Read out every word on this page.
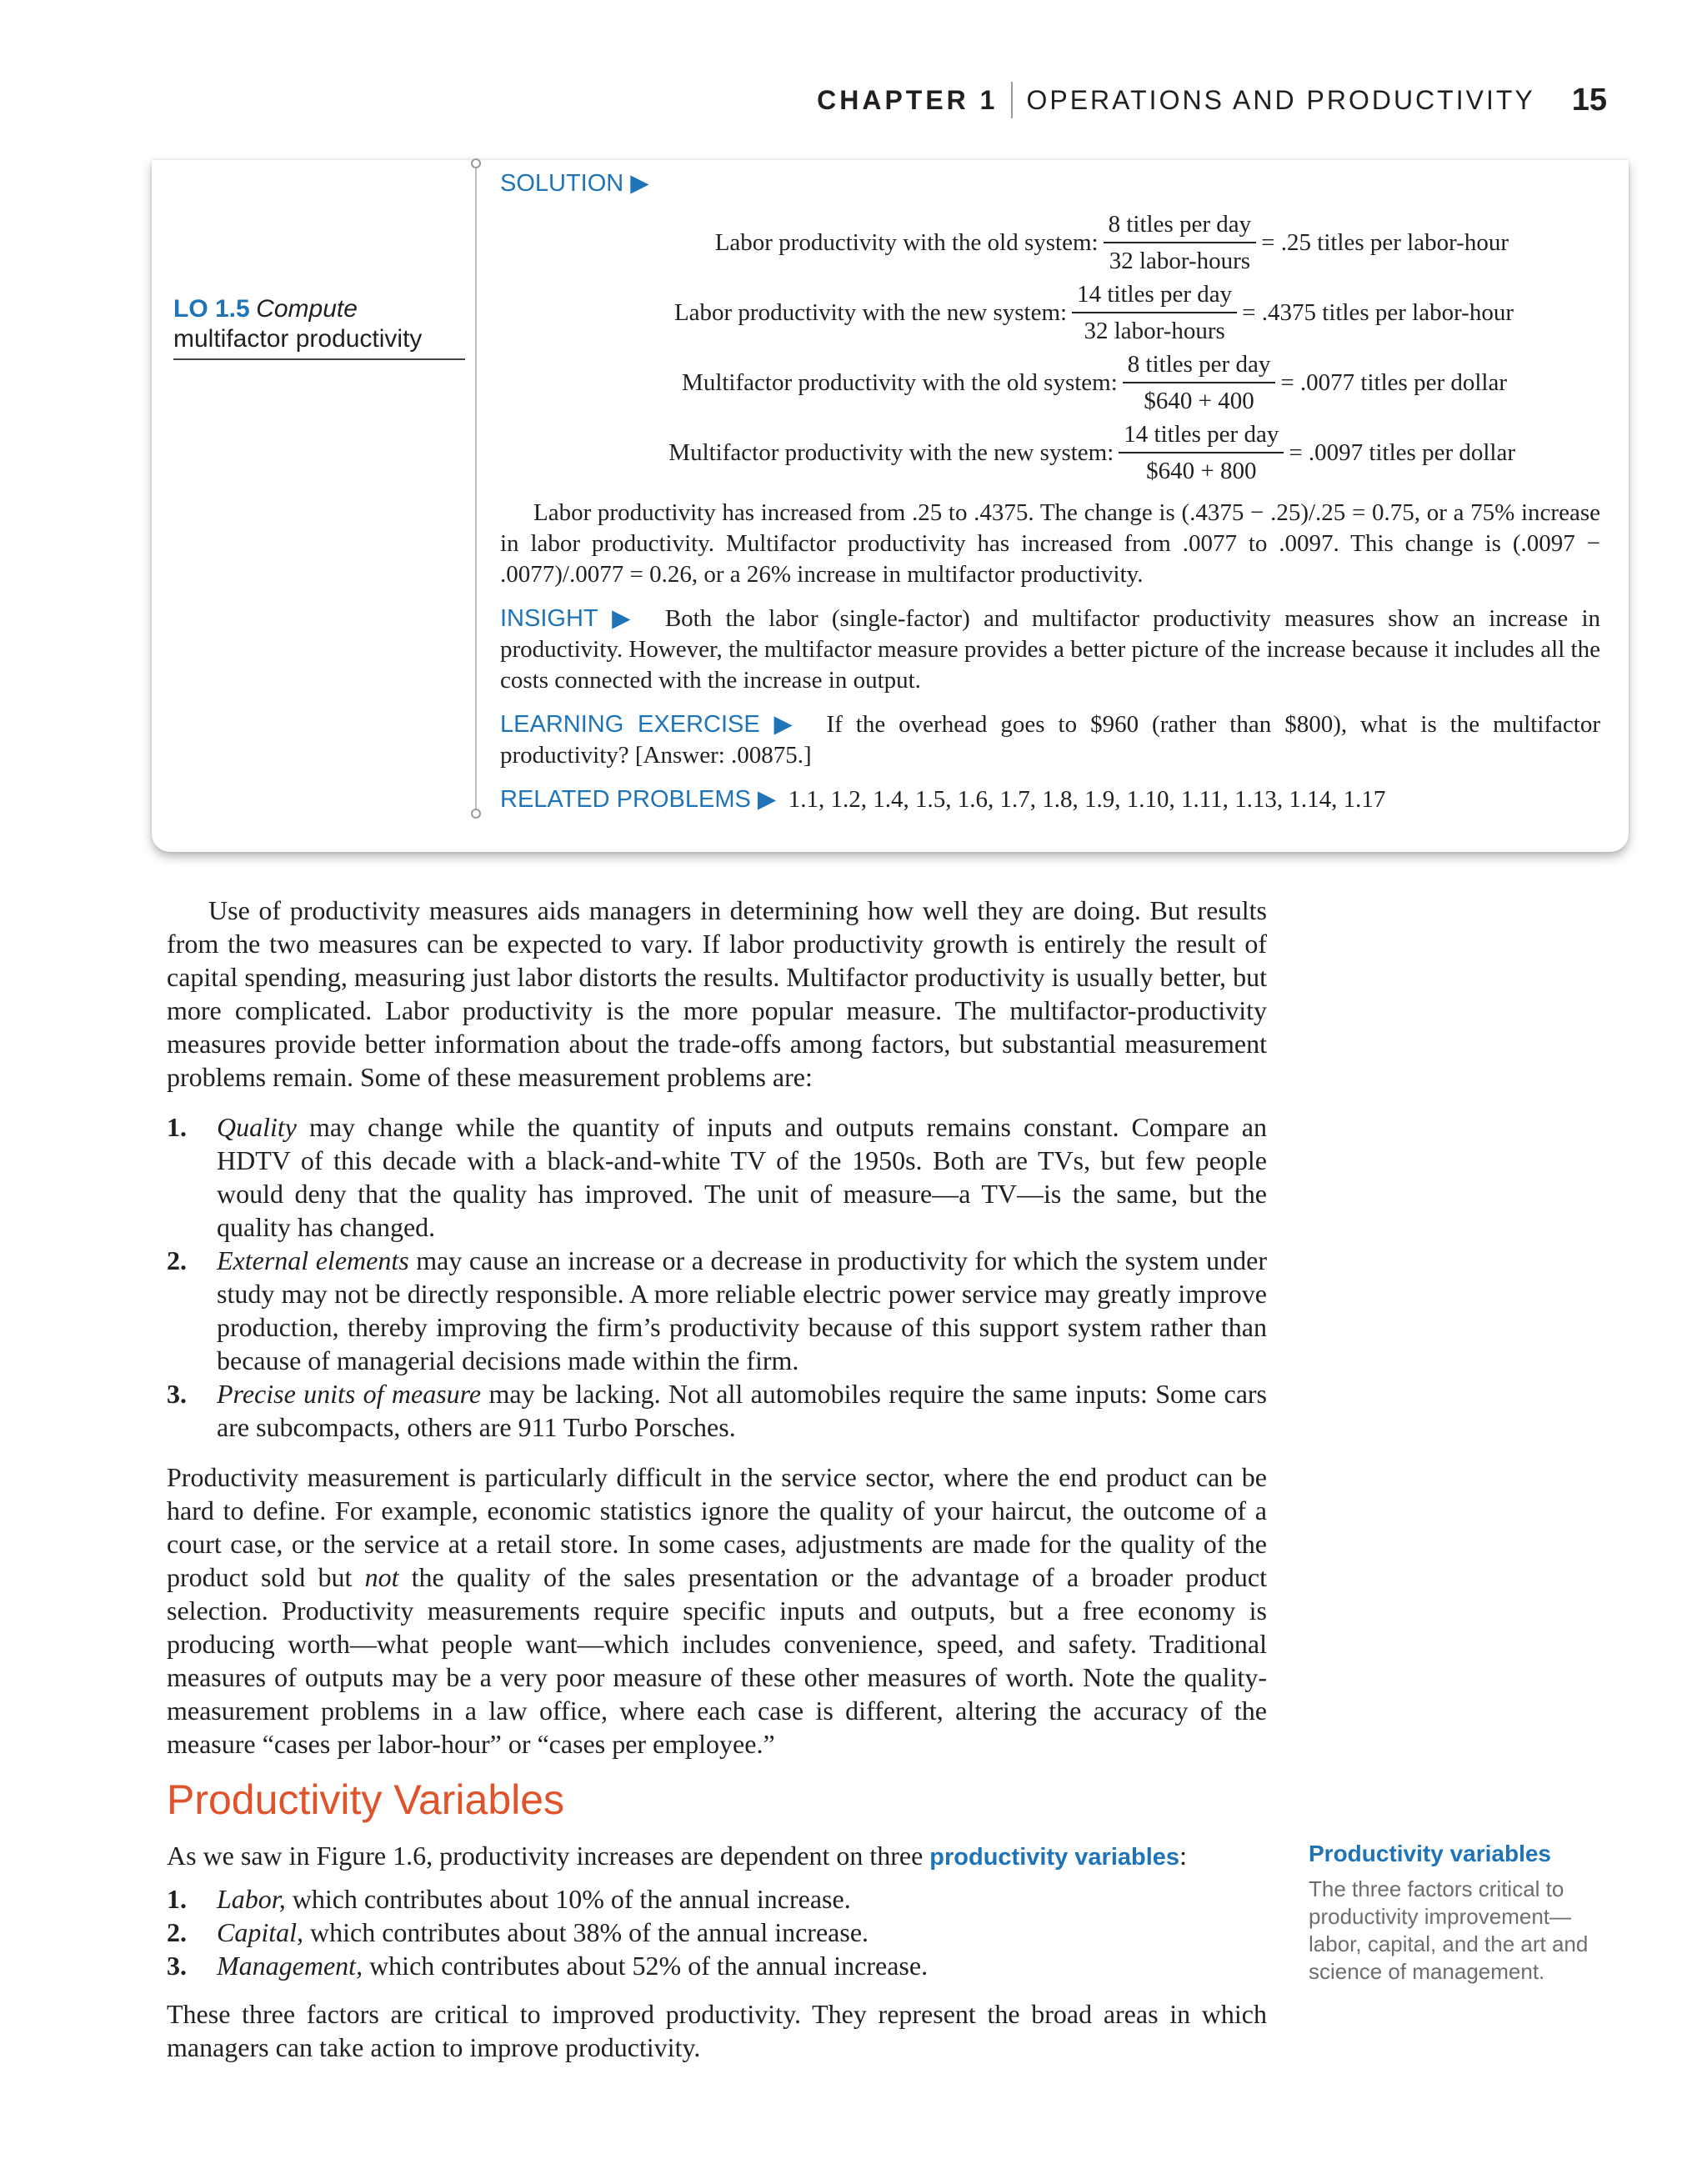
CHAPTER 1 OPERATIONS AND PRODUCTIVITY 15
LO 1.5 Compute
multifactor productivity
SOLUTION ▶
Labor productivity with the old system: $\frac{\text{8 titles per day}}{\text{32 labor-hours}} = .25$ titles per labor-hour
Labor productivity with the new system: $\frac{\text{14 titles per day}}{\text{32 labor-hours}} = .4375$ titles per labor-hour
Multifactor productivity with the old system: $\frac{\text{8 titles per day}}{\$640 + 400} = .0077$ titles per dollar
Multifactor productivity with the new system: $\frac{\text{14 titles per day}}{\$640 + 800} = .0097$ titles per dollar
Labor productivity has increased from .25 to .4375. The change is (.4375 − .25)/.25 = 0.75, or a 75% increase in labor productivity. Multifactor productivity has increased from .0077 to .0097. This change is (.0097 − .0077)/.0077 = 0.26, or a 26% increase in multifactor productivity.
INSIGHT ▶ Both the labor (single-factor) and multifactor productivity measures show an increase in productivity. However, the multifactor measure provides a better picture of the increase because it includes all the costs connected with the increase in output.
LEARNING EXERCISE ▶ If the overhead goes to $960 (rather than $800), what is the multifactor productivity? [Answer: .00875.]
RELATED PROBLEMS ▶ 1.1, 1.2, 1.4, 1.5, 1.6, 1.7, 1.8, 1.9, 1.10, 1.11, 1.13, 1.14, 1.17
Use of productivity measures aids managers in determining how well they are doing. But results from the two measures can be expected to vary. If labor productivity growth is entirely the result of capital spending, measuring just labor distorts the results. Multifactor productivity is usually better, but more complicated. Labor productivity is the more popular measure. The multifactor-productivity measures provide better information about the trade-offs among factors, but substantial measurement problems remain. Some of these measurement problems are:
1.	Quality may change while the quantity of inputs and outputs remains constant. Compare an HDTV of this decade with a black-and-white TV of the 1950s. Both are TVs, but few people would deny that the quality has improved. The unit of measure—a TV—is the same, but the quality has changed.
2.	External elements may cause an increase or a decrease in productivity for which the system under study may not be directly responsible. A more reliable electric power service may greatly improve production, thereby improving the firm’s productivity because of this support system rather than because of managerial decisions made within the firm.
3.	Precise units of measure may be lacking. Not all automobiles require the same inputs: Some cars are subcompacts, others are 911 Turbo Porsches.
Productivity measurement is particularly difficult in the service sector, where the end product can be hard to define. For example, economic statistics ignore the quality of your haircut, the outcome of a court case, or the service at a retail store. In some cases, adjustments are made for the quality of the product sold but not the quality of the sales presentation or the advantage of a broader product selection. Productivity measurements require specific inputs and outputs, but a free economy is producing worth—what people want—which includes convenience, speed, and safety. Traditional measures of outputs may be a very poor measure of these other measures of worth. Note the quality-measurement problems in a law office, where each case is different, altering the accuracy of the measure “cases per labor-hour” or “cases per employee.”
Productivity Variables
As we saw in Figure 1.6, productivity increases are dependent on three productivity variables:
1.	Labor, which contributes about 10% of the annual increase.
2.	Capital, which contributes about 38% of the annual increase.
3.	Management, which contributes about 52% of the annual increase.
These three factors are critical to improved productivity. They represent the broad areas in which managers can take action to improve productivity.
Productivity variables
The three factors critical to productivity improvement—labor, capital, and the art and science of management.
